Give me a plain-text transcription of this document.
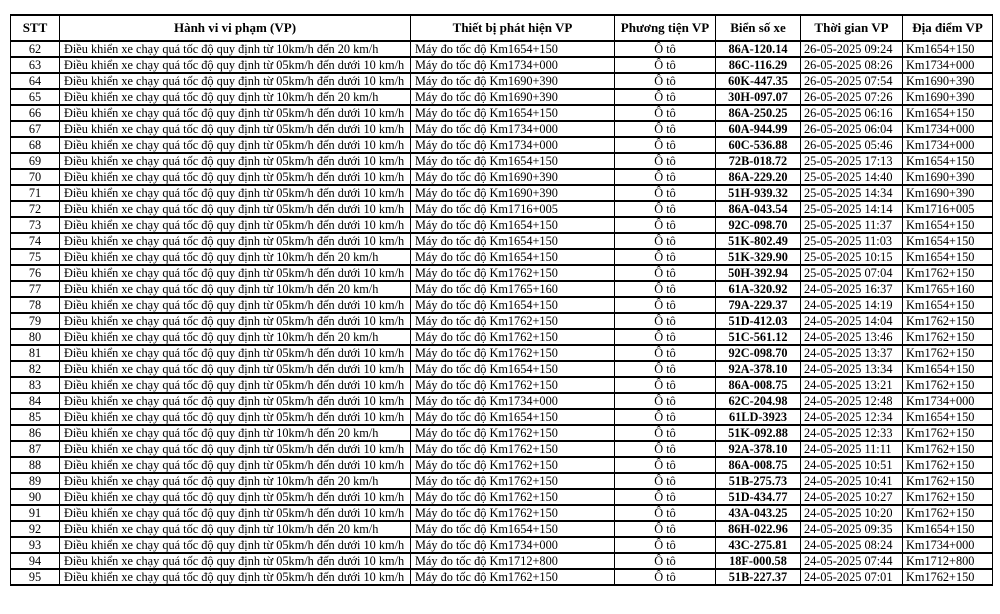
STT	Hành vi vi phạm (VP)	Thiết bị phát hiện VP	Phương tiện VP	Biển số xe	Thời gian VP	Địa điểm VP
62	Điều khiển xe chạy quá tốc độ quy định từ 10km/h đến 20 km/h	Máy đo tốc độ Km1654+150	Ô tô	86A-120.14	26-05-2025 09:24	Km1654+150
63	Điều khiển xe chạy quá tốc độ quy định từ 05km/h đến dưới 10 km/h	Máy đo tốc độ Km1734+000	Ô tô	86C-116.29	26-05-2025 08:26	Km1734+000
64	Điều khiển xe chạy quá tốc độ quy định từ 05km/h đến dưới 10 km/h	Máy đo tốc độ Km1690+390	Ô tô	60K-447.35	26-05-2025 07:54	Km1690+390
65	Điều khiển xe chạy quá tốc độ quy định từ 10km/h đến 20 km/h	Máy đo tốc độ Km1690+390	Ô tô	30H-097.07	26-05-2025 07:26	Km1690+390
66	Điều khiển xe chạy quá tốc độ quy định từ 05km/h đến dưới 10 km/h	Máy đo tốc độ Km1654+150	Ô tô	86A-250.25	26-05-2025 06:16	Km1654+150
67	Điều khiển xe chạy quá tốc độ quy định từ 05km/h đến dưới 10 km/h	Máy đo tốc độ Km1734+000	Ô tô	60A-944.99	26-05-2025 06:04	Km1734+000
68	Điều khiển xe chạy quá tốc độ quy định từ 05km/h đến dưới 10 km/h	Máy đo tốc độ Km1734+000	Ô tô	60C-536.88	26-05-2025 05:46	Km1734+000
69	Điều khiển xe chạy quá tốc độ quy định từ 05km/h đến dưới 10 km/h	Máy đo tốc độ Km1654+150	Ô tô	72B-018.72	25-05-2025 17:13	Km1654+150
70	Điều khiển xe chạy quá tốc độ quy định từ 05km/h đến dưới 10 km/h	Máy đo tốc độ Km1690+390	Ô tô	86A-229.20	25-05-2025 14:40	Km1690+390
71	Điều khiển xe chạy quá tốc độ quy định từ 05km/h đến dưới 10 km/h	Máy đo tốc độ Km1690+390	Ô tô	51H-939.32	25-05-2025 14:34	Km1690+390
72	Điều khiển xe chạy quá tốc độ quy định từ 05km/h đến dưới 10 km/h	Máy đo tốc độ Km1716+005	Ô tô	86A-043.54	25-05-2025 14:14	Km1716+005
73	Điều khiển xe chạy quá tốc độ quy định từ 05km/h đến dưới 10 km/h	Máy đo tốc độ Km1654+150	Ô tô	92C-098.70	25-05-2025 11:37	Km1654+150
74	Điều khiển xe chạy quá tốc độ quy định từ 05km/h đến dưới 10 km/h	Máy đo tốc độ Km1654+150	Ô tô	51K-802.49	25-05-2025 11:03	Km1654+150
75	Điều khiển xe chạy quá tốc độ quy định từ 10km/h đến 20 km/h	Máy đo tốc độ Km1654+150	Ô tô	51K-329.90	25-05-2025 10:15	Km1654+150
76	Điều khiển xe chạy quá tốc độ quy định từ 05km/h đến dưới 10 km/h	Máy đo tốc độ Km1762+150	Ô tô	50H-392.94	25-05-2025 07:04	Km1762+150
77	Điều khiển xe chạy quá tốc độ quy định từ 10km/h đến 20 km/h	Máy đo tốc độ Km1765+160	Ô tô	61A-320.92	24-05-2025 16:37	Km1765+160
78	Điều khiển xe chạy quá tốc độ quy định từ 05km/h đến dưới 10 km/h	Máy đo tốc độ Km1654+150	Ô tô	79A-229.37	24-05-2025 14:19	Km1654+150
79	Điều khiển xe chạy quá tốc độ quy định từ 05km/h đến dưới 10 km/h	Máy đo tốc độ Km1762+150	Ô tô	51D-412.03	24-05-2025 14:04	Km1762+150
80	Điều khiển xe chạy quá tốc độ quy định từ 10km/h đến 20 km/h	Máy đo tốc độ Km1762+150	Ô tô	51C-561.12	24-05-2025 13:46	Km1762+150
81	Điều khiển xe chạy quá tốc độ quy định từ 05km/h đến dưới 10 km/h	Máy đo tốc độ Km1762+150	Ô tô	92C-098.70	24-05-2025 13:37	Km1762+150
82	Điều khiển xe chạy quá tốc độ quy định từ 05km/h đến dưới 10 km/h	Máy đo tốc độ Km1654+150	Ô tô	92A-378.10	24-05-2025 13:34	Km1654+150
83	Điều khiển xe chạy quá tốc độ quy định từ 05km/h đến dưới 10 km/h	Máy đo tốc độ Km1762+150	Ô tô	86A-008.75	24-05-2025 13:21	Km1762+150
84	Điều khiển xe chạy quá tốc độ quy định từ 05km/h đến dưới 10 km/h	Máy đo tốc độ Km1734+000	Ô tô	62C-204.98	24-05-2025 12:48	Km1734+000
85	Điều khiển xe chạy quá tốc độ quy định từ 05km/h đến dưới 10 km/h	Máy đo tốc độ Km1654+150	Ô tô	61LD-3923	24-05-2025 12:34	Km1654+150
86	Điều khiển xe chạy quá tốc độ quy định từ 10km/h đến 20 km/h	Máy đo tốc độ Km1762+150	Ô tô	51K-092.88	24-05-2025 12:33	Km1762+150
87	Điều khiển xe chạy quá tốc độ quy định từ 05km/h đến dưới 10 km/h	Máy đo tốc độ Km1762+150	Ô tô	92A-378.10	24-05-2025 11:11	Km1762+150
88	Điều khiển xe chạy quá tốc độ quy định từ 05km/h đến dưới 10 km/h	Máy đo tốc độ Km1762+150	Ô tô	86A-008.75	24-05-2025 10:51	Km1762+150
89	Điều khiển xe chạy quá tốc độ quy định từ 10km/h đến 20 km/h	Máy đo tốc độ Km1762+150	Ô tô	51B-275.73	24-05-2025 10:41	Km1762+150
90	Điều khiển xe chạy quá tốc độ quy định từ 05km/h đến dưới 10 km/h	Máy đo tốc độ Km1762+150	Ô tô	51D-434.77	24-05-2025 10:27	Km1762+150
91	Điều khiển xe chạy quá tốc độ quy định từ 05km/h đến dưới 10 km/h	Máy đo tốc độ Km1762+150	Ô tô	43A-043.25	24-05-2025 10:20	Km1762+150
92	Điều khiển xe chạy quá tốc độ quy định từ 10km/h đến 20 km/h	Máy đo tốc độ Km1654+150	Ô tô	86H-022.96	24-05-2025 09:35	Km1654+150
93	Điều khiển xe chạy quá tốc độ quy định từ 05km/h đến dưới 10 km/h	Máy đo tốc độ Km1734+000	Ô tô	43C-275.81	24-05-2025 08:24	Km1734+000
94	Điều khiển xe chạy quá tốc độ quy định từ 05km/h đến dưới 10 km/h	Máy đo tốc độ Km1712+800	Ô tô	18F-000.58	24-05-2025 07:44	Km1712+800
95	Điều khiển xe chạy quá tốc độ quy định từ 05km/h đến dưới 10 km/h	Máy đo tốc độ Km1762+150	Ô tô	51B-227.37	24-05-2025 07:01	Km1762+150
